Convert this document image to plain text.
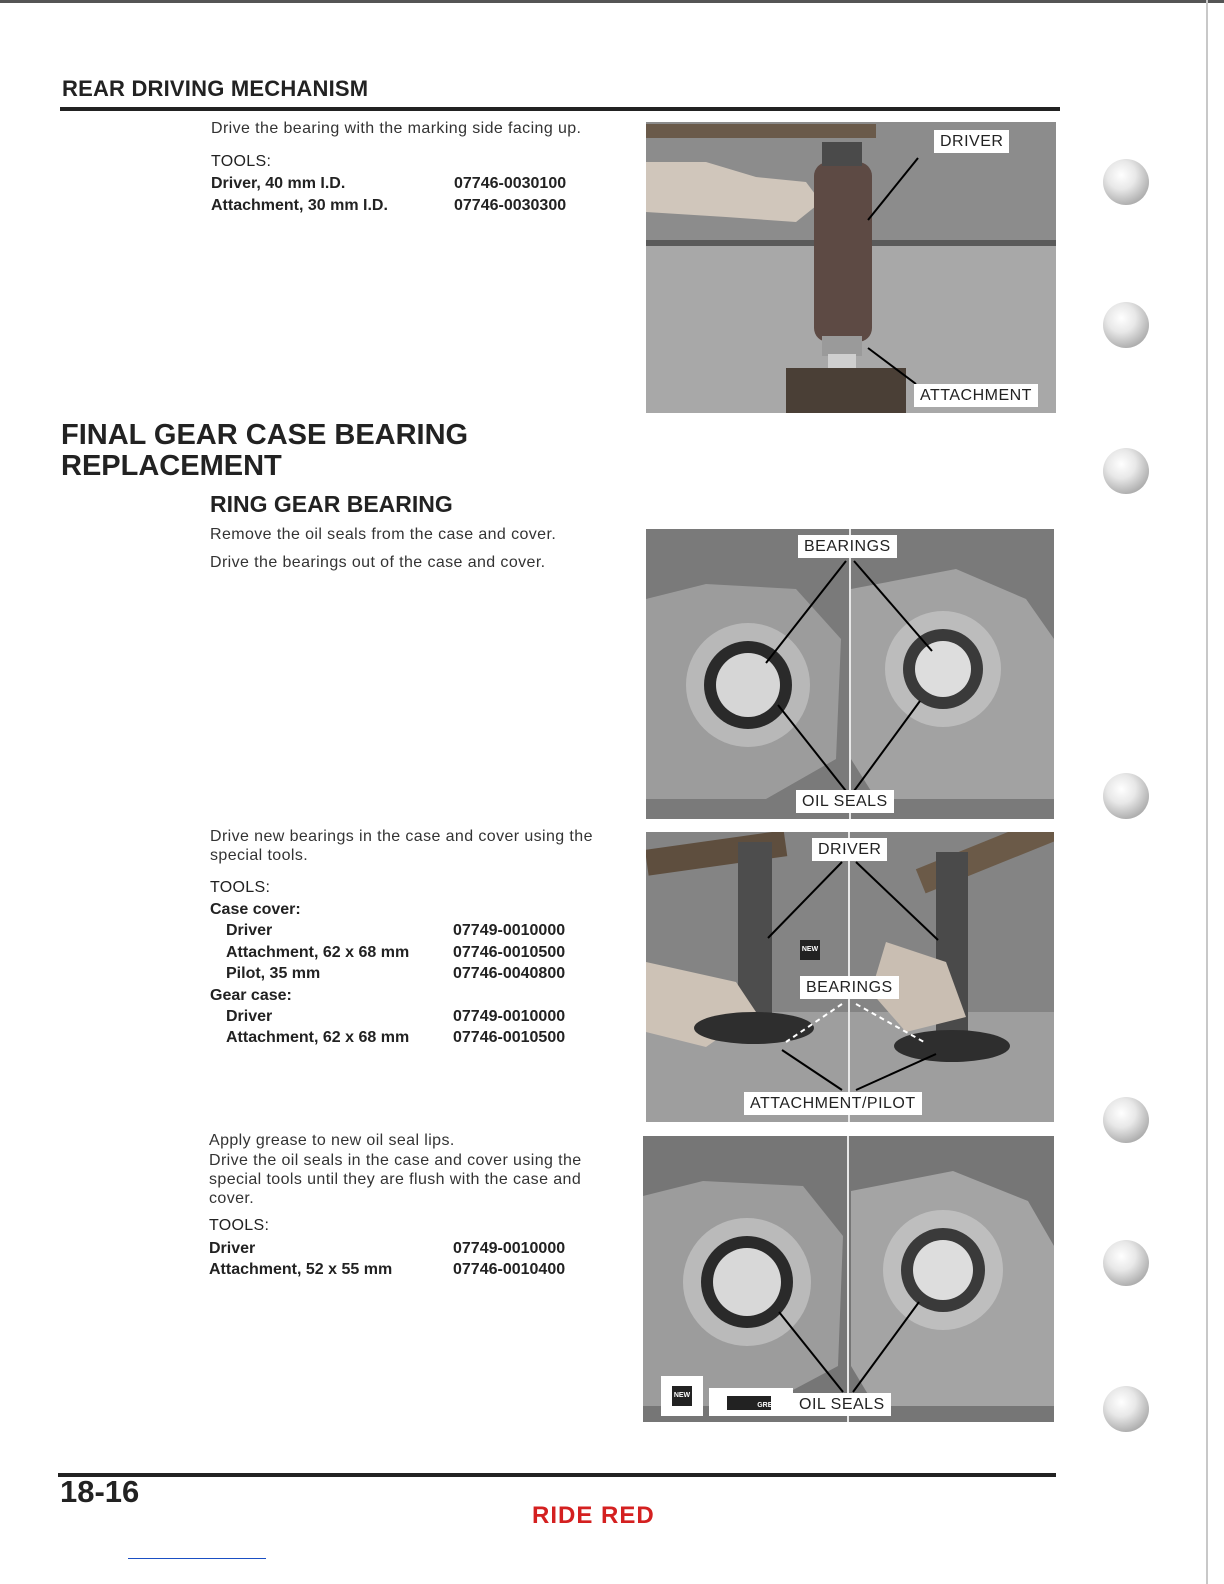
REAR DRIVING MECHANISM
Drive the bearing with the marking side facing up.
TOOLS:
Driver, 40 mm I.D.	07746-0030100
Attachment, 30 mm I.D.	07746-0030300
FINAL GEAR CASE BEARING
REPLACEMENT
RING GEAR BEARING
Remove the oil seals from the case and cover.
Drive the bearings out of the case and cover.
Drive new bearings in the case and cover using the
special tools.
TOOLS:
Case cover:
Driver	07749-0010000
Attachment, 62 x 68 mm	07746-0010500
Pilot, 35 mm	07746-0040800
Gear case:
Driver	07749-0010000
Attachment, 62 x 68 mm	07746-0010500
Apply grease to new oil seal lips.
Drive the oil seals in the case and cover using the
special tools until they are flush with the case and
cover.
TOOLS:
Driver	07749-0010000
Attachment, 52 x 55 mm	07746-0010400
DRIVER
ATTACHMENT
BEARINGS
OIL SEALS
DRIVER
NEW
BEARINGS
ATTACHMENT/PILOT
NEW
GREASE OIL SEALS
18-16
RIDE RED
